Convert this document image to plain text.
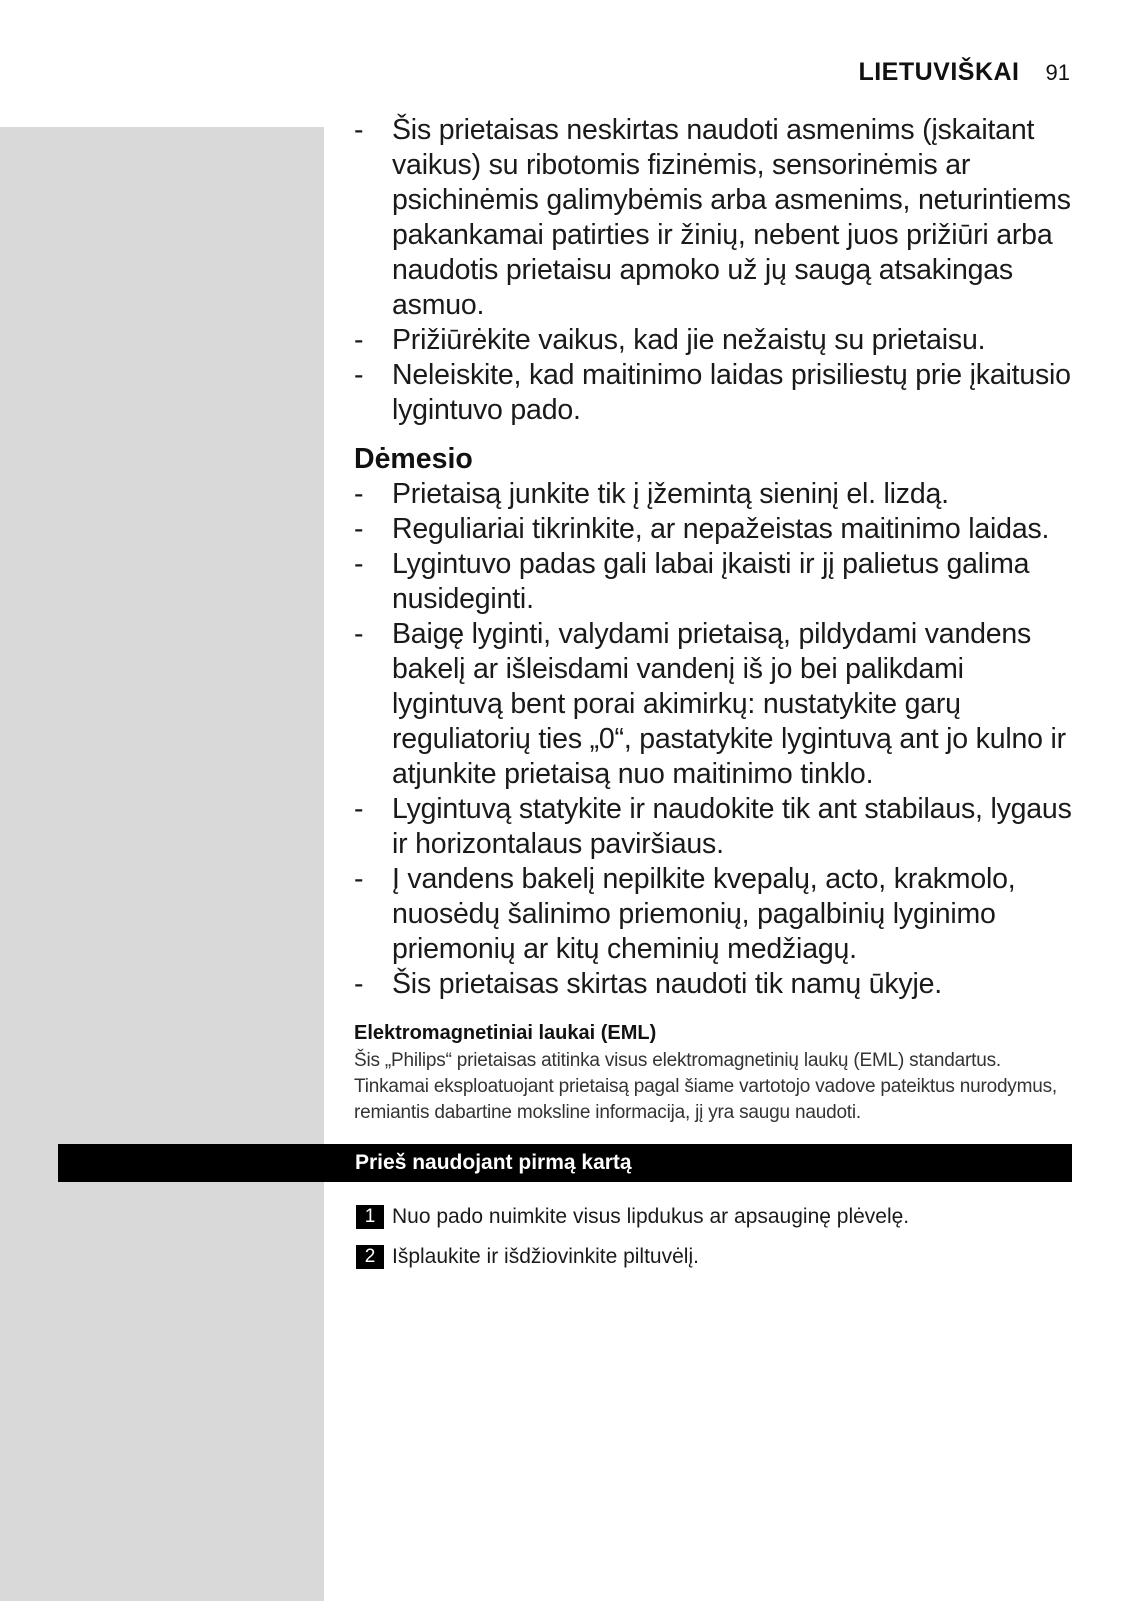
LIETUVIŠKAI 91
- Šis prietaisas neskirtas naudoti asmenims (įskaitant vaikus) su ribotomis fizinėmis, sensorinėmis ar psichinėmis galimybėmis arba asmenims, neturintiems pakankamai patirties ir žinių, nebent juos prižiūri arba naudotis prietaisu apmoko už jų saugą atsakingas asmuo.
- Prižiūrėkite vaikus, kad jie nežaistų su prietaisu.
- Neleiskite, kad maitinimo laidas prisiliestų prie įkaitusio lygintuvo pado.
Dėmesio
- Prietaisą junkite tik į įžemintą sieninį el. lizdą.
- Reguliariai tikrinkite, ar nepažeistas maitinimo laidas.
- Lygintuvo padas gali labai įkaisti ir jį palietus galima nusideginti.
- Baigę lyginti, valydami prietaisą, pildydami vandens bakelį ar išleisdami vandenį iš jo bei palikdami lygintuvą bent porai akimirkų: nustatykite garų reguliatorių ties „0“, pastatykite lygintuvą ant jo kulno ir atjunkite prietaisą nuo maitinimo tinklo.
- Lygintuvą statykite ir naudokite tik ant stabilaus, lygaus ir horizontalaus paviršiaus.
- Į vandens bakelį nepilkite kvepalų, acto, krakmolo, nuosėdų šalinimo priemonių, pagalbinių lyginimo priemonių ar kitų cheminių medžiagų.
- Šis prietaisas skirtas naudoti tik namų ūkyje.
Elektromagnetiniai laukai (EML)

Šis „Philips“ prietaisas atitinka visus elektromagnetinių laukų (EML) standartus. Tinkamai eksploatuojant prietaisą pagal šiame vartotojo vadove pateiktus nurodymus, remiantis dabartine moksline informacija, jį yra saugu naudoti.

Prieš naudojant pirmą kartą
1 Nuo pado nuimkite visus lipdukus ar apsauginę plėvelę.
2 Išplaukite ir išdžiovinkite piltuvėlį.
